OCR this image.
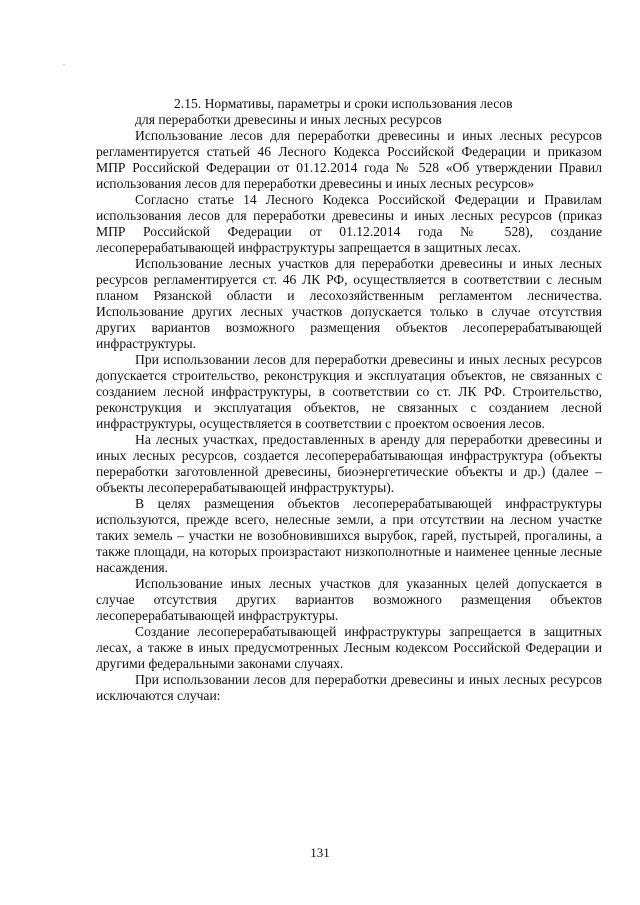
2.15. Нормативы, параметры и сроки использования лесов
для переработки древесины и иных лесных ресурсов

Использование лесов для переработки древесины и иных лесных ресурсов регламентируется статьей 46 Лесного Кодекса Российской Федерации и приказом МПР Российской Федерации от 01.12.2014 года № 528 «Об утверждении Правил использования лесов для переработки древесины и иных лесных ресурсов»

Согласно статье 14 Лесного Кодекса Российской Федерации и Правилам использования лесов для переработки древесины и иных лесных ресурсов (приказ МПР Российской Федерации от 01.12.2014 года № 528), создание лесоперерабатывающей инфраструктуры запрещается в защитных лесах.

Использование лесных участков для переработки древесины и иных лесных ресурсов регламентируется ст. 46 ЛК РФ, осуществляется в соответствии с лесным планом Рязанской области и лесохозяйственным регламентом лесничества. Использование других лесных участков допускается только в случае отсутствия других вариантов возможного размещения объектов лесоперерабатывающей инфраструктуры.

При использовании лесов для переработки древесины и иных лесных ресурсов допускается строительство, реконструкция и эксплуатация объектов, не связанных с созданием лесной инфраструктуры, в соответствии со ст. ЛК РФ. Строительство, реконструкция и эксплуатация объектов, не связанных с созданием лесной инфраструктуры, осуществляется в соответствии с проектом освоения лесов.

На лесных участках, предоставленных в аренду для переработки древесины и иных лесных ресурсов, создается лесоперерабатывающая инфраструктура (объекты переработки заготовленной древесины, биоэнергетические объекты и др.) (далее – объекты лесоперерабатывающей инфраструктуры).

В целях размещения объектов лесоперерабатывающей инфраструктуры используются, прежде всего, нелесные земли, а при отсутствии на лесном участке таких земель – участки не возобновившихся вырубок, гарей, пустырей, прогалины, а также площади, на которых произрастают низкополнотные и наименее ценные лесные насаждения.

Использование иных лесных участков для указанных целей допускается в случае отсутствия других вариантов возможного размещения объектов лесоперерабатывающей инфраструктуры.

Создание лесоперерабатывающей инфраструктуры запрещается в защитных лесах, а также в иных предусмотренных Лесным кодексом Российской Федерации и другими федеральными законами случаях.

При использовании лесов для переработки древесины и иных лесных ресурсов исключаются случаи:

131
